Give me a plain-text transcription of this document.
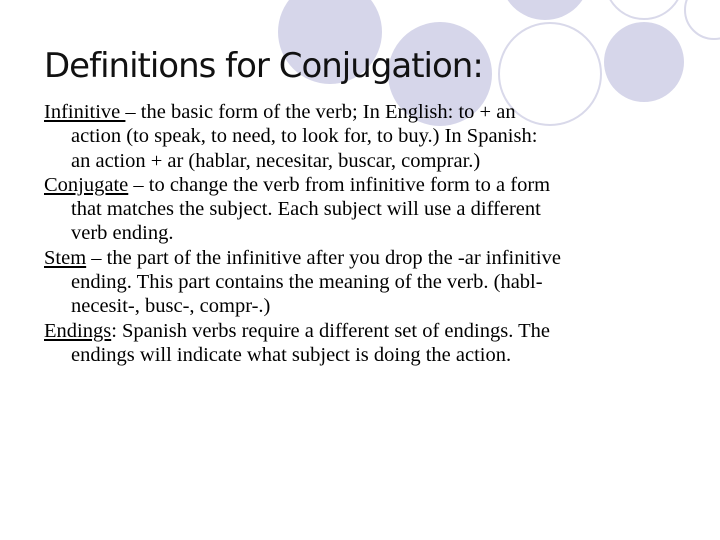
Definitions for Conjugation:
Infinitive – the basic form of the verb; In English: to + an
action (to speak, to need, to look for, to buy.) In Spanish:
an action + ar (hablar, necesitar, buscar, comprar.)
Conjugate – to change the verb from infinitive form to a form
that matches the subject. Each subject will use a different
verb ending.
Stem – the part of the infinitive after you drop the -ar infinitive
ending. This part contains the meaning of the verb. (habl-
necesit-, busc-, compr-.)
Endings: Spanish verbs require a different set of endings. The
endings will indicate what subject is doing the action.
